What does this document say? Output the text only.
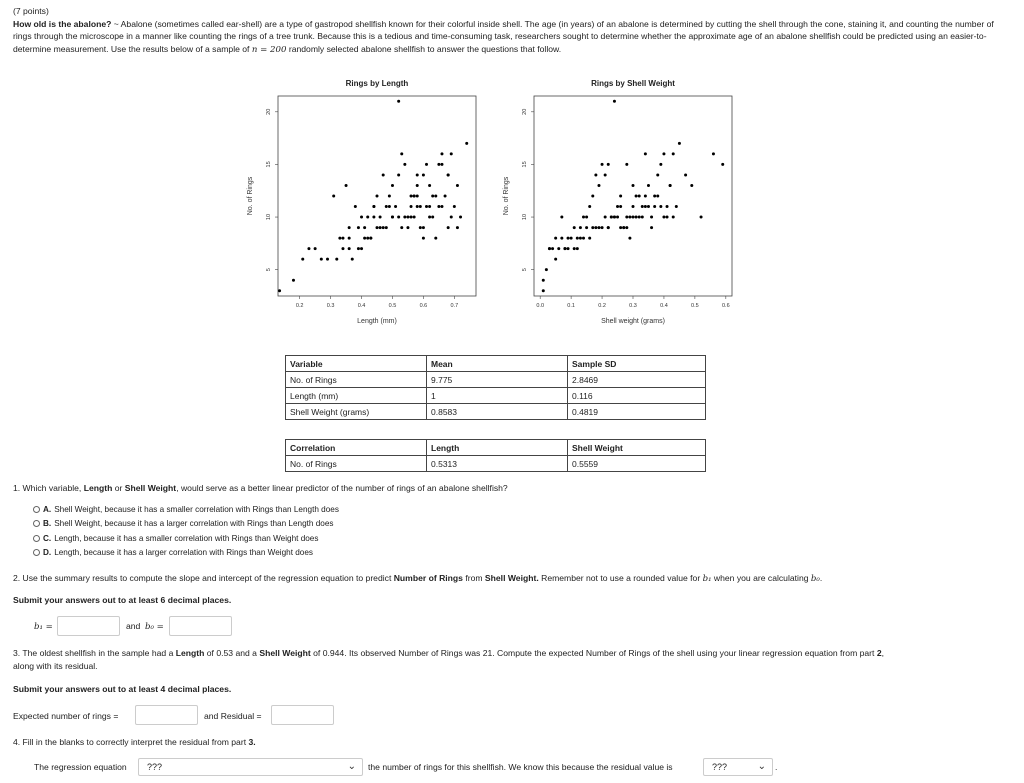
(7 points)
How old is the abalone? ~ Abalone (sometimes called ear-shell) are a type of gastropod shellfish known for their colorful inside shell. The age (in years) of an abalone is determined by cutting the shell through the cone, staining it, and counting the number of rings through the microscope in a manner like counting the rings of a tree trunk. Because this is a tedious and time-consuming task, researchers sought to determine whether the approximate age of an abalone shellfish could be predicted using an easier-to-determine measurement. Use the results below of a sample of n = 200 randomly selected abalone shellfish to answer the questions that follow.
Rings by Length
0.2	0.3	0.4	0.5	0.6	0.7
5
10
15
20
Length (mm)
No. of Rings
Rings by Shell Weight
0.0	0.1	0.2	0.3	0.4	0.5	0.6
5
10
15
20
Shell weight (grams)
No. of Rings
Variable	Mean	Sample SD
No. of Rings	9.775	2.8469
Length (mm)	1	0.116
Shell Weight (grams)	0.8583	0.4819
Correlation	Length	Shell Weight
No. of Rings	0.5313	0.5559
1. Which variable, Length or Shell Weight, would serve as a better linear predictor of the number of rings of an abalone shellfish?
A. Shell Weight, because it has a smaller correlation with Rings than Length does
B. Shell Weight, because it has a larger correlation with Rings than Length does
C. Length, because it has a smaller correlation with Rings than Weight does
D. Length, because it has a larger correlation with Rings than Weight does
2. Use the summary results to compute the slope and intercept of the regression equation to predict Number of Rings from Shell Weight. Remember not to use a rounded value for b₁ when you are calculating b₀.
Submit your answers out to at least 6 decimal places.
b₁ =	and b₀ =
3. The oldest shellfish in the sample had a Length of 0.53 and a Shell Weight of 0.944. Its observed Number of Rings was 21. Compute the expected Number of Rings of the shell using your linear regression equation from part 2,
along with its residual.
Submit your answers out to at least 4 decimal places.
Expected number of rings =	and Residual =
4. Fill in the blanks to correctly interpret the residual from part 3.
The regression equation	???	⌄ the number of rings for this shellfish. We know this because the residual value is	???	⌄ .
